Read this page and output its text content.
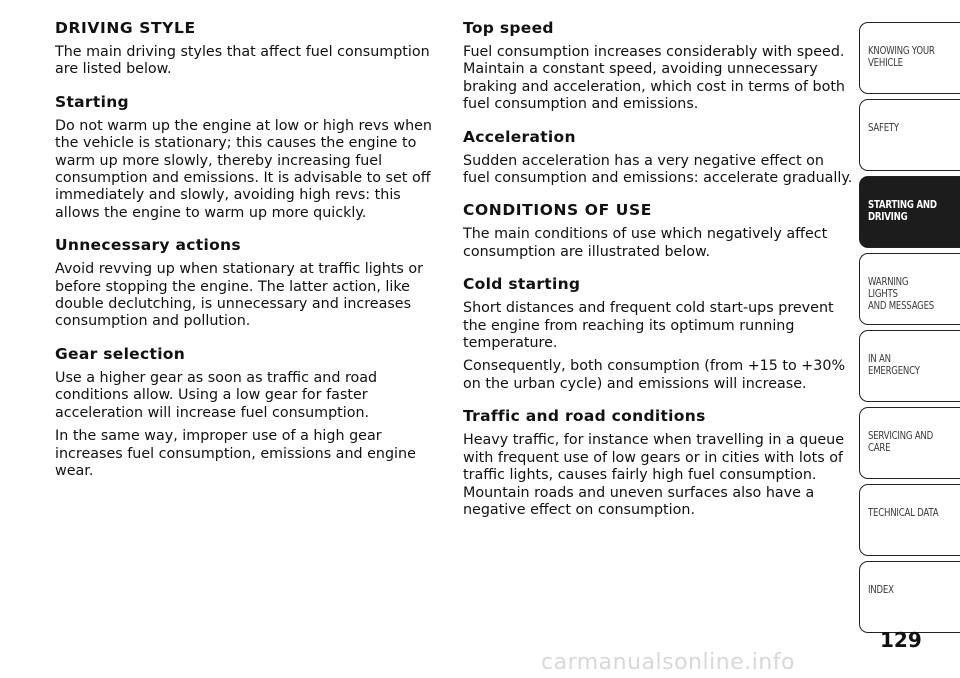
DRIVING STYLE

The main driving styles that affect fuel consumption are listed below.

Starting

Do not warm up the engine at low or high revs when the vehicle is stationary; this causes the engine to warm up more slowly, thereby increasing fuel consumption and emissions. It is advisable to set off immediately and slowly, avoiding high revs: this allows the engine to warm up more quickly.

Unnecessary actions

Avoid revving up when stationary at traffic lights or before stopping the engine. The latter action, like double declutching, is unnecessary and increases consumption and pollution.

Gear selection

Use a higher gear as soon as traffic and road conditions allow. Using a low gear for faster acceleration will increase fuel consumption.

In the same way, improper use of a high gear increases fuel consumption, emissions and engine wear.

Top speed

Fuel consumption increases considerably with speed. Maintain a constant speed, avoiding unnecessary braking and acceleration, which cost in terms of both fuel consumption and emissions.

Acceleration

Sudden acceleration has a very negative effect on fuel consumption and emissions: accelerate gradually.

CONDITIONS OF USE

The main conditions of use which negatively affect consumption are illustrated below.

Cold starting

Short distances and frequent cold start-ups prevent the engine from reaching its optimum running temperature.

Consequently, both consumption (from +15 to +30% on the urban cycle) and emissions will increase.

Traffic and road conditions

Heavy traffic, for instance when travelling in a queue with frequent use of low gears or in cities with lots of traffic lights, causes fairly high fuel consumption. Mountain roads and uneven surfaces also have a negative effect on consumption.

KNOWING YOUR
VEHICLE
SAFETY
STARTING AND
DRIVING
WARNING LIGHTS
AND MESSAGES
IN AN EMERGENCY
SERVICING AND
CARE
TECHNICAL DATA
INDEX
129
carmanualsonline.info
